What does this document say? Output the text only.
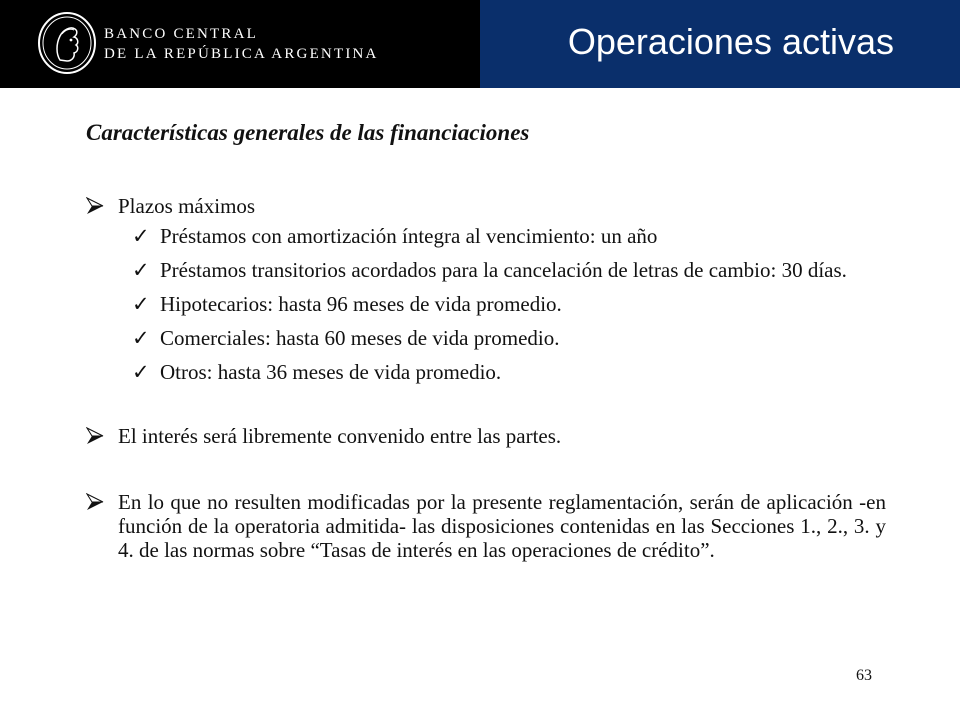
BANCO CENTRAL
DE LA REPÚBLICA ARGENTINA	Operaciones activas
Características generales de las financiaciones
Plazos máximos
✓ Préstamos con amortización íntegra al vencimiento: un año
✓ Préstamos transitorios acordados para la cancelación de letras de cambio: 30 días.
✓ Hipotecarios: hasta 96 meses de vida promedio.
✓ Comerciales: hasta 60 meses de vida promedio.
✓ Otros: hasta 36 meses de vida promedio.
El interés será libremente convenido entre las partes.
En lo que no resulten modificadas por la presente reglamentación, serán de aplicación -en función de la operatoria admitida- las disposiciones contenidas en las Secciones 1., 2., 3. y 4. de las normas sobre “Tasas de interés en las operaciones de crédito”.
63
